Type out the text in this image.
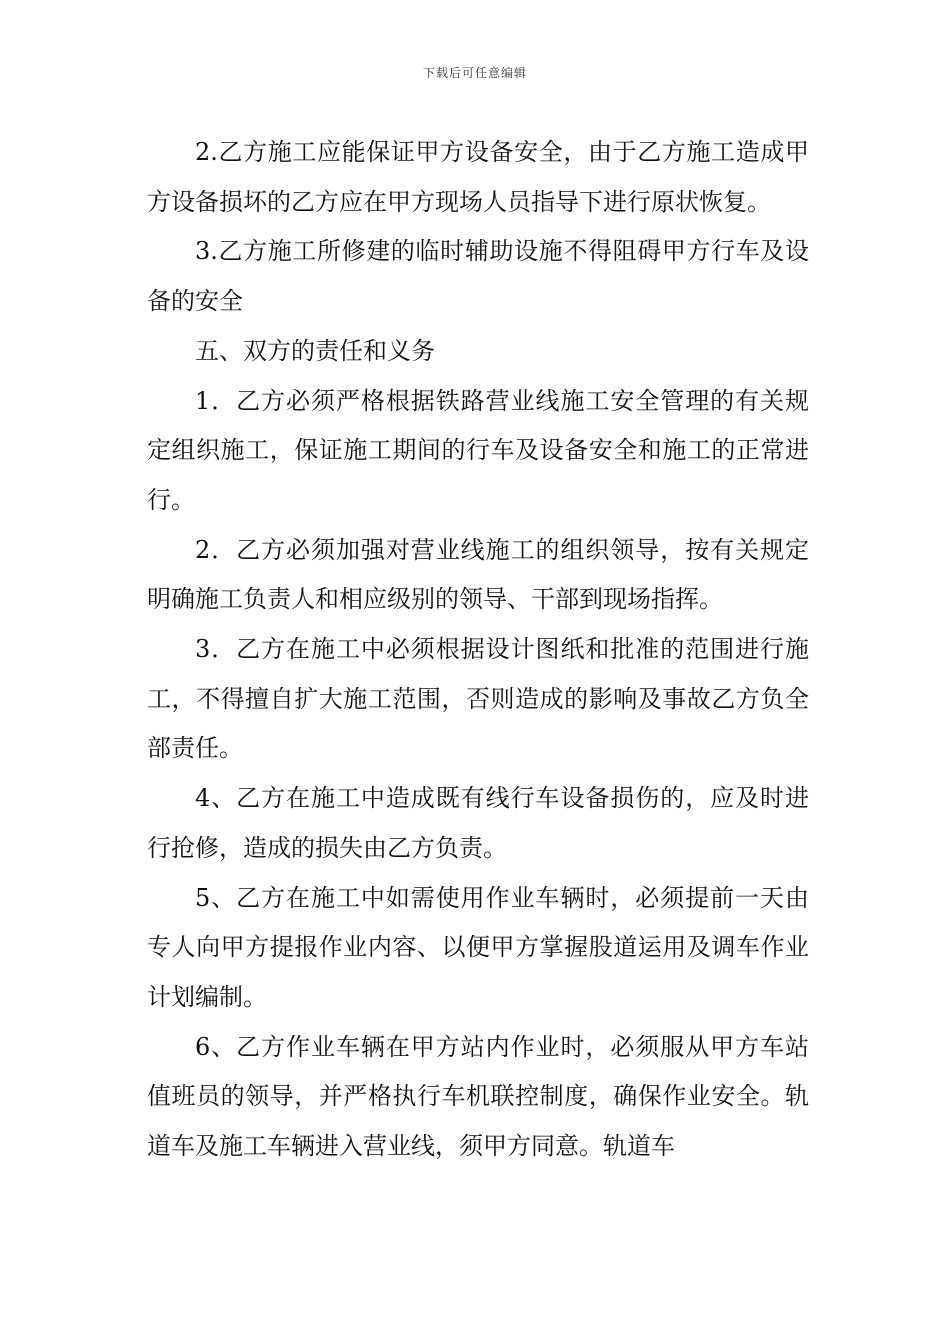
下载后可任意编辑

2.乙方施工应能保证甲方设备安全，由于乙方施工造成甲方设备损坏的乙方应在甲方现场人员指导下进行原状恢复。

3.乙方施工所修建的临时辅助设施不得阻碍甲方行车及设备的安全

五、双方的责任和义务

1．乙方必须严格根据铁路营业线施工安全管理的有关规定组织施工，保证施工期间的行车及设备安全和施工的正常进行。

2．乙方必须加强对营业线施工的组织领导，按有关规定明确施工负责人和相应级别的领导、干部到现场指挥。

3．乙方在施工中必须根据设计图纸和批准的范围进行施工，不得擅自扩大施工范围，否则造成的影响及事故乙方负全部责任。

4、乙方在施工中造成既有线行车设备损伤的，应及时进行抢修，造成的损失由乙方负责。

5、乙方在施工中如需使用作业车辆时，必须提前一天由专人向甲方提报作业内容、以便甲方掌握股道运用及调车作业计划编制。

6、乙方作业车辆在甲方站内作业时，必须服从甲方车站值班员的领导，并严格执行车机联控制度，确保作业安全。轨道车及施工车辆进入营业线，须甲方同意。轨道车
